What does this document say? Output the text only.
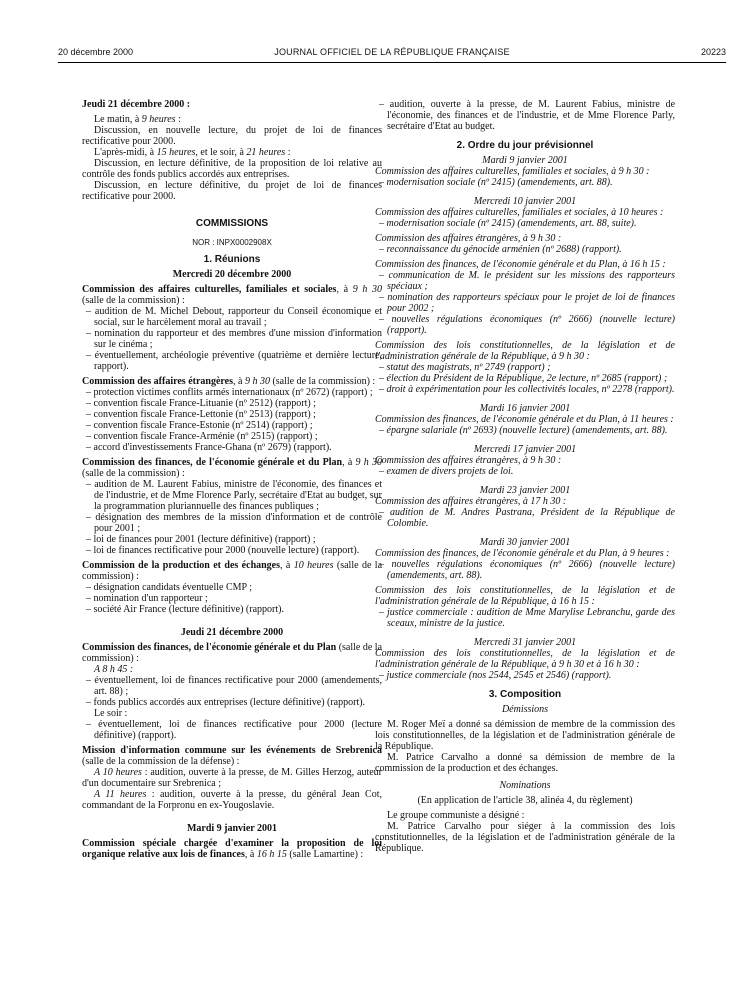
20 décembre 2000	JOURNAL OFFICIEL DE LA RÉPUBLIQUE FRANÇAISE	20223

Jeudi 21 décembre 2000 :

Le matin, à 9 heures :

Discussion, en nouvelle lecture, du projet de loi de finances rectificative pour 2000.

L'après-midi, à 15 heures, et le soir, à 21 heures :

Discussion, en lecture définitive, de la proposition de loi relative au contrôle des fonds publics accordés aux entreprises.

Discussion, en lecture définitive, du projet de loi de finances rectificative pour 2000.

COMMISSIONS

NOR : INPX0002908X

1. Réunions

Mercredi 20 décembre 2000

Commission des affaires culturelles, familiales et sociales, à 9 h 30 (salle de la commission) :

– audition de M. Michel Debout, rapporteur du Conseil économique et social, sur le harcèlement moral au travail ;

– nomination du rapporteur et des membres d'une mission d'information sur le cinéma ;

– éventuellement, archéologie préventive (quatrième et dernière lecture, rapport).

Commission des affaires étrangères, à 9 h 30 (salle de la commission) :

– protection victimes conflits armés internationaux (nº 2672) (rapport) ;

– convention fiscale France-Lituanie (nº 2512) (rapport) ;

– convention fiscale France-Lettonie (nº 2513) (rapport) ;

– convention fiscale France-Estonie (nº 2514) (rapport) ;

– convention fiscale France-Arménie (nº 2515) (rapport) ;

– accord d'investissements France-Ghana (nº 2679) (rapport).

Commission des finances, de l'économie générale et du Plan, à 9 h 30 (salle de la commission) :

– audition de M. Laurent Fabius, ministre de l'économie, des finances et de l'industrie, et de Mme Florence Parly, secrétaire d'Etat au budget, sur la programmation pluriannuelle des finances publiques ;

– désignation des membres de la mission d'information et de contrôle pour 2001 ;

– loi de finances pour 2001 (lecture définitive) (rapport) ;

– loi de finances rectificative pour 2000 (nouvelle lecture) (rapport).

Commission de la production et des échanges, à 10 heures (salle de la commission) :

– désignation candidats éventuelle CMP ;

– nomination d'un rapporteur ;

– société Air France (lecture définitive) (rapport).

Jeudi 21 décembre 2000

Commission des finances, de l'économie générale et du Plan (salle de la commission) :

A 8 h 45 :

– éventuellement, loi de finances rectificative pour 2000 (amendements, art. 88) ;

– fonds publics accordés aux entreprises (lecture définitive) (rapport).

Le soir :

– éventuellement, loi de finances rectificative pour 2000 (lecture définitive) (rapport).

Mission d'information commune sur les événements de Srebrenica (salle de la commission de la défense) :

A 10 heures : audition, ouverte à la presse, de M. Gilles Herzog, auteur d'un documentaire sur Srebrenica ;

A 11 heures : audition, ouverte à la presse, du général Jean Cot, commandant de la Forpronu en ex-Yougoslavie.

Mardi 9 janvier 2001

Commission spéciale chargée d'examiner la proposition de loi organique relative aux lois de finances, à 16 h 15 (salle Lamartine) :

– audition, ouverte à la presse, de M. Laurent Fabius, ministre de l'économie, des finances et de l'industrie, et de Mme Florence Parly, secrétaire d'Etat au budget.

2. Ordre du jour prévisionnel

Mardi 9 janvier 2001

Commission des affaires culturelles, familiales et sociales, à 9 h 30 :

– modernisation sociale (nº 2415) (amendements, art. 88).

Mercredi 10 janvier 2001

Commission des affaires culturelles, familiales et sociales, à 10 heures :

– modernisation sociale (nº 2415) (amendements, art. 88, suite).

Commission des affaires étrangères, à 9 h 30 :

– reconnaissance du génocide arménien (nº 2688) (rapport).

Commission des finances, de l'économie générale et du Plan, à 16 h 15 :

– communication de M. le président sur les missions des rapporteurs spéciaux ;

– nomination des rapporteurs spéciaux pour le projet de loi de finances pour 2002 ;

– nouvelles régulations économiques (nº 2666) (nouvelle lecture) (rapport).

Commission des lois constitutionnelles, de la législation et de l'administration générale de la République, à 9 h 30 :

– statut des magistrats, nº 2749 (rapport) ;

– élection du Président de la République, 2e lecture, nº 2685 (rapport) ;

– droit à expérimentation pour les collectivités locales, nº 2278 (rapport).

Mardi 16 janvier 2001

Commission des finances, de l'économie générale et du Plan, à 11 heures :

– épargne salariale (nº 2693) (nouvelle lecture) (amendements, art. 88).

Mercredi 17 janvier 2001

Commission des affaires étrangères, à 9 h 30 :

– examen de divers projets de loi.

Mardi 23 janvier 2001

Commission des affaires étrangères, à 17 h 30 :

– audition de M. Andres Pastrana, Président de la République de Colombie.

Mardi 30 janvier 2001

Commission des finances, de l'économie générale et du Plan, à 9 heures :

– nouvelles régulations économiques (nº 2666) (nouvelle lecture) (amendements, art. 88).

Commission des lois constitutionnelles, de la législation et de l'administration générale de la République, à 16 h 15 :

– justice commerciale : audition de Mme Marylise Lebranchu, garde des sceaux, ministre de la justice.

Mercredi 31 janvier 2001

Commission des lois constitutionnelles, de la législation et de l'administration générale de la République, à 9 h 30 et à 16 h 30 :

– justice commerciale (nos 2544, 2545 et 2546) (rapport).

3. Composition

Démissions

M. Roger Meï a donné sa démission de membre de la commission des lois constitutionnelles, de la législation et de l'administration générale de la République.

M. Patrice Carvalho a donné sa démission de membre de la commission de la production et des échanges.

Nominations

(En application de l'article 38, alinéa 4, du règlement)

Le groupe communiste a désigné :

M. Patrice Carvalho pour siéger à la commission des lois constitutionnelles, de la législation et de l'administration générale de la République.
